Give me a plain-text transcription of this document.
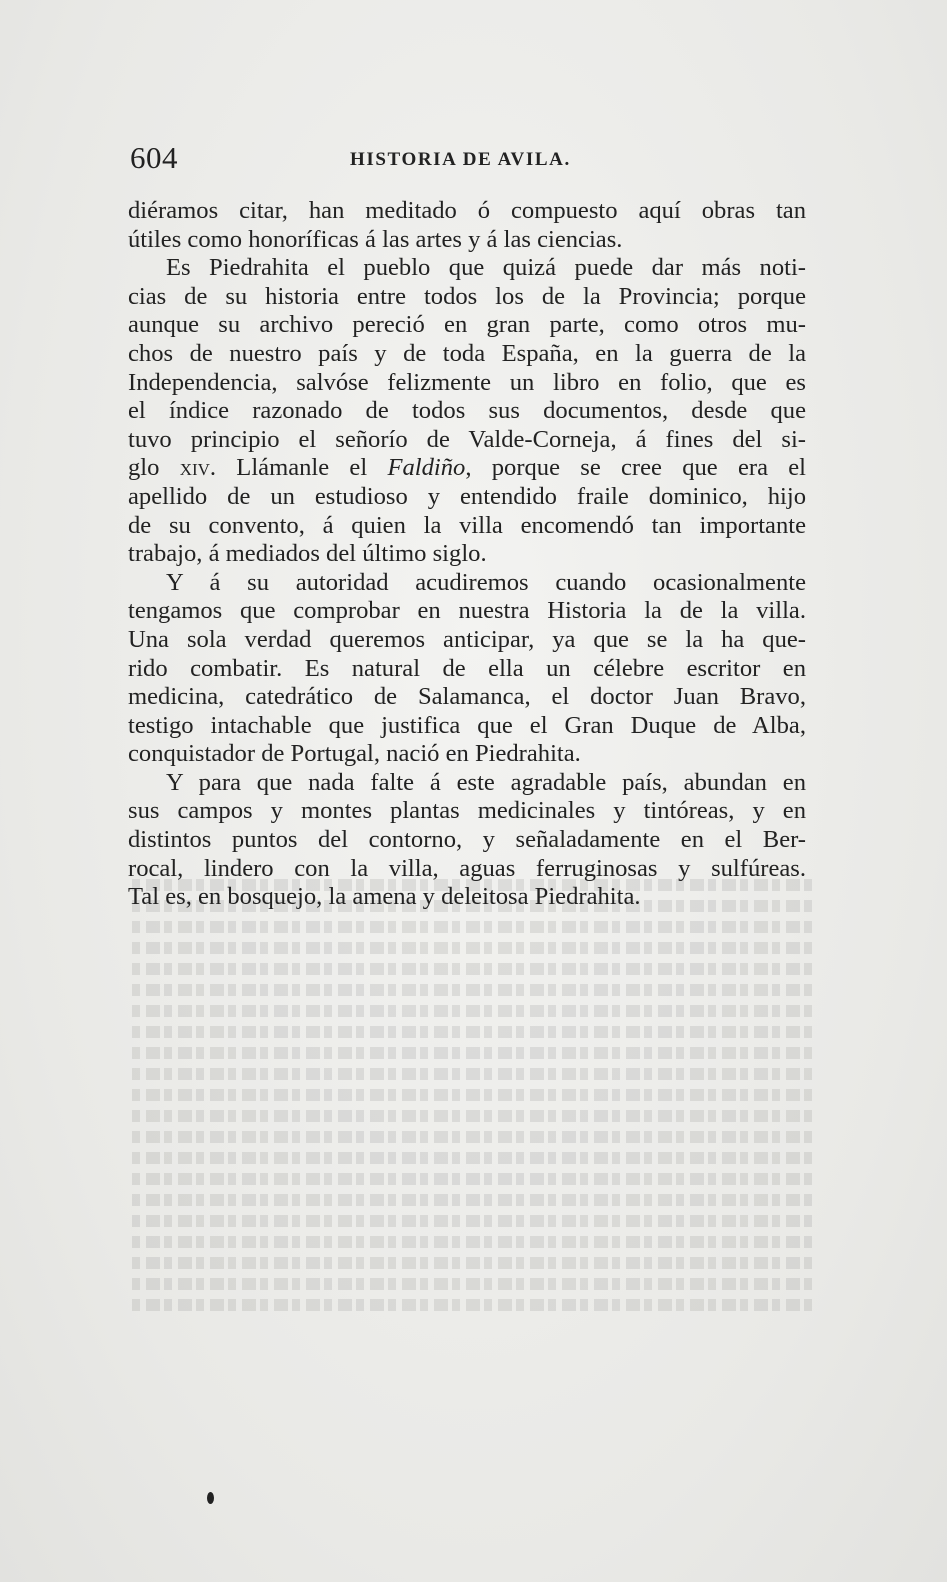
604	HISTORIA DE AVILA.
diéramos citar, han meditado ó compuesto aquí obras tan
útiles como honoríficas á las artes y á las ciencias.
Es Piedrahita el pueblo que quizá puede dar más noti-
cias de su historia entre todos los de la Provincia; porque
aunque su archivo pereció en gran parte, como otros mu-
chos de nuestro país y de toda España, en la guerra de la
Independencia, salvóse felizmente un libro en folio, que es
el índice razonado de todos sus documentos, desde que
tuvo principio el señorío de Valde-Corneja, á fines del si-
glo xiv. Llámanle el Faldiño, porque se cree que era el
apellido de un estudioso y entendido fraile dominico, hijo
de su convento, á quien la villa encomendó tan importante
trabajo, á mediados del último siglo.
Y á su autoridad acudiremos cuando ocasionalmente
tengamos que comprobar en nuestra Historia la de la villa.
Una sola verdad queremos anticipar, ya que se la ha que-
rido combatir. Es natural de ella un célebre escritor en
medicina, catedrático de Salamanca, el doctor Juan Bravo,
testigo intachable que justifica que el Gran Duque de Alba,
conquistador de Portugal, nació en Piedrahita.
Y para que nada falte á este agradable país, abundan en
sus campos y montes plantas medicinales y tintóreas, y en
distintos puntos del contorno, y señaladamente en el Ber-
rocal, lindero con la villa, aguas ferruginosas y sulfúreas.
Tal es, en bosquejo, la amena y deleitosa Piedrahita.
